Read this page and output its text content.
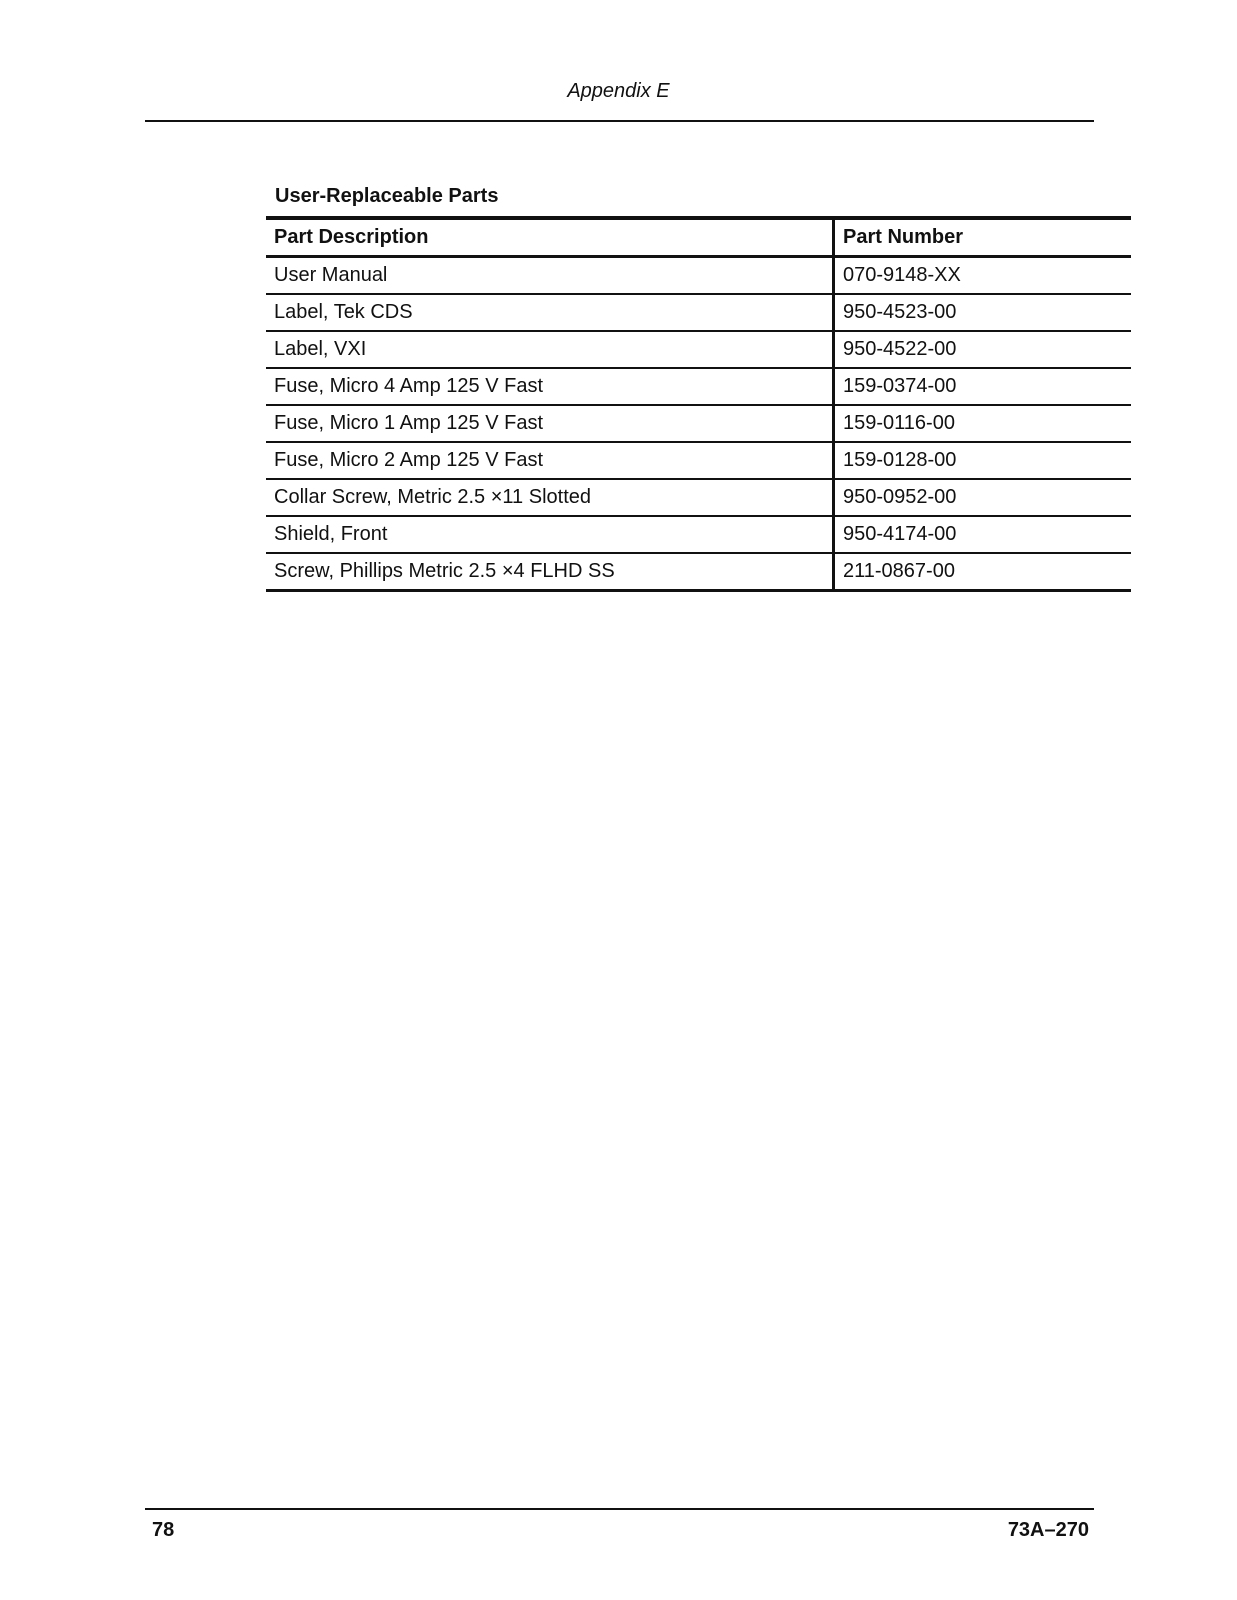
Appendix E
User-Replaceable Parts
Part Description	Part Number
User Manual	070-9148-XX
Label, Tek CDS	950-4523-00
Label, VXI	950-4522-00
Fuse, Micro 4 Amp 125 V Fast	159-0374-00
Fuse, Micro 1 Amp 125 V Fast	159-0116-00
Fuse, Micro 2 Amp 125 V Fast	159-0128-00
Collar Screw, Metric 2.5 ×11 Slotted	950-0952-00
Shield, Front	950-4174-00
Screw, Phillips Metric 2.5 ×4 FLHD SS	211-0867-00
78	73A–270
